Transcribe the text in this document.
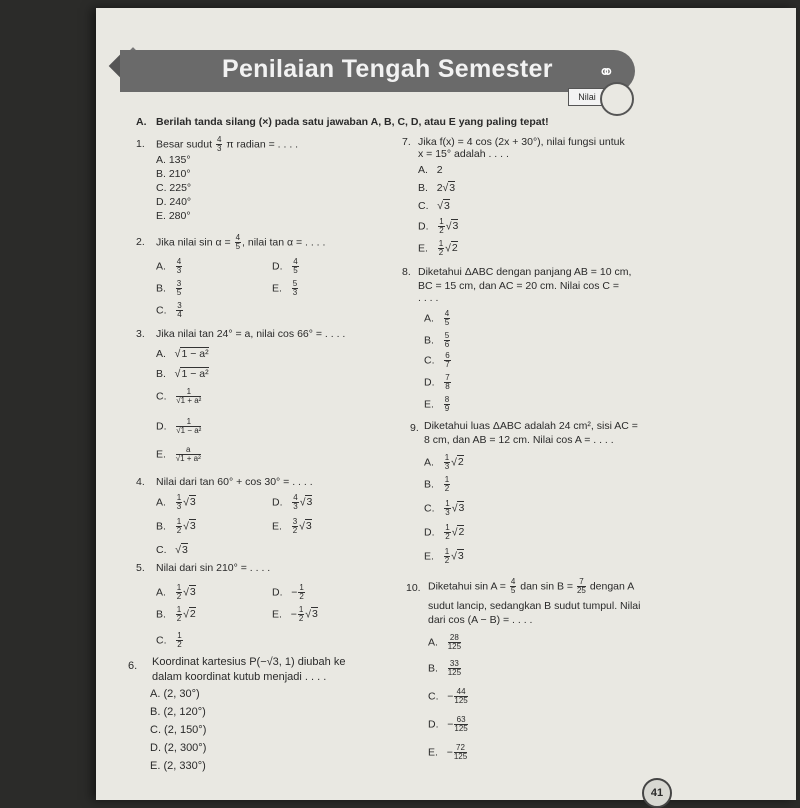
Penilaian Tengah Semester ⚭
Nilai
A. Berilah tanda silang (×) pada satu jawaban A, B, C, D, atau E yang paling tepat!
1. Besar sudut $\frac{4}{3}$ π radian = . . . .
A. 135°
B. 210°
C. 225°
D. 240°
E. 280°
2. Jika nilai $\sin \alpha = \frac{4}{5}$ , nilai tan α = . . . .
A. $\frac{4}{3}$	D. $\frac{4}{5}$
B. $\frac{3}{5}$	E. $\frac{5}{3}$
C. $\frac{3}{4}$
3. Jika nilai tan 24° = a, nilai cos 66° = . . . .
A.   √1 − a²
B.   √1 − a²
C. $\frac{1}{\text{√1 + a²}}$
D. $\frac{1}{\text{√1 − a²}}$
E. $\frac{a}{\text{√1 + a²}}$
4. Nilai dari tan 60° + cos 30° = . . . .
A. $\frac{1}{3} √3$	D. $\frac{4}{3} √3$
B. $\frac{1}{2} √3$	E. $\frac{3}{2} √3$
C.   √3
5. Nilai dari sin 210° = . . . .
A. $\frac{1}{2} √3$	D. − $\frac{1}{2}$
B. $\frac{1}{2} √2$	E. − $\frac{1}{2} √3$
C. $\frac{1}{2}$
6. Koordinat kartesius P(−√3, 1) diubah ke
dalam koordinat kutub menjadi . . . .
A. (2, 30°)
B. (2, 120°)
C. (2, 150°)
D. (2, 300°)
E. (2, 330°)
7. Jika f(x) = 4 cos (2x + 30°), nilai fungsi untuk
x = 15° adalah . . . .
A. 2
B. 2√3
C.   √3
D. $\frac{1}{2} √3$
E. $\frac{1}{2} √2$
8. Diketahui ΔABC dengan panjang AB = 10 cm,
BC = 15 cm, dan AC = 20 cm. Nilai cos C =
. . . .
A. $\frac{4}{5}$
B. $\frac{5}{6}$
C. $\frac{6}{7}$
D. $\frac{7}{8}$
E. $\frac{8}{9}$
9. Diketahui luas ΔABC adalah 24 cm², sisi AC =
8 cm, dan AB = 12 cm. Nilai cos A = . . . .
A. $\frac{1}{3} √2$
B. $\frac{1}{2}$
C. $\frac{1}{3} √3$
D. $\frac{1}{2} √2$
E. $\frac{1}{2} √3$
10. Diketahui $\sin A = \frac{4}{5}$ dan $\sin B = \frac{7}{25}$ dengan A
sudut lancip, sedangkan B sudut tumpul. Nilai
dari cos (A − B) = . . . .
A. $\frac{28}{125}$
B. $\frac{33}{125}$
C. − $\frac{44}{125}$
D. − $\frac{63}{125}$
E. − $\frac{72}{125}$
41
